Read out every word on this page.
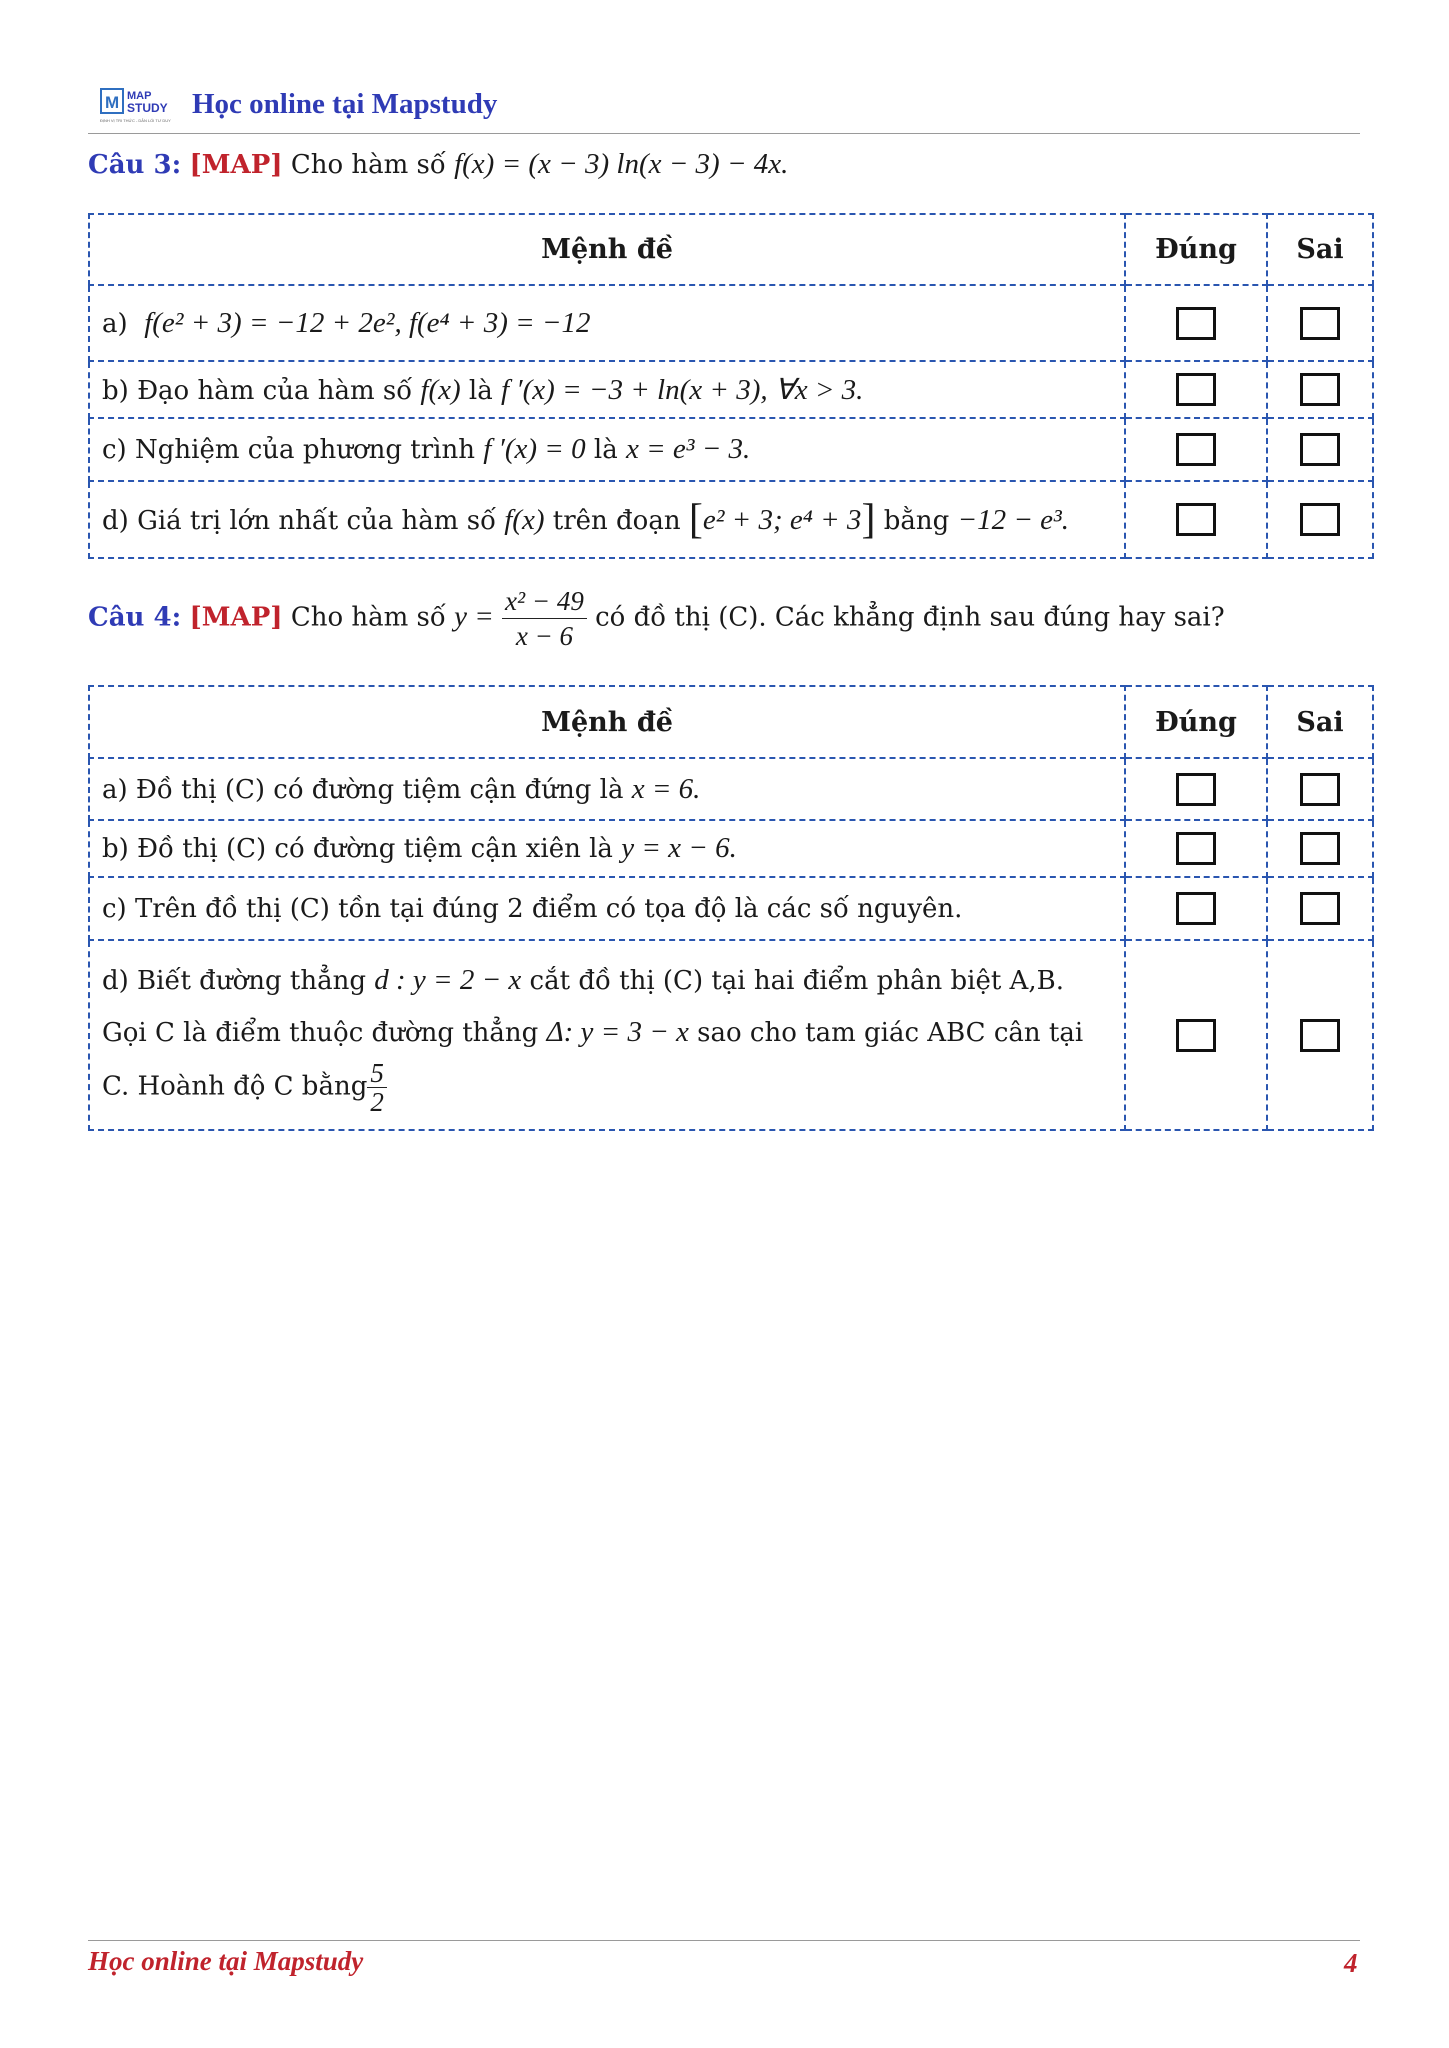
M MAP
STUDY
ĐỊNH VỊ TRI THỨC - DẪN LỐI TƯ DUY
Học online tại Mapstudy
Câu 3: [MAP] Cho hàm số f(x) = (x − 3) ln(x − 3) − 4x.
Mệnh đề	Đúng	Sai
a) f(e² + 3) = −12 + 2e², f(e⁴ + 3) = −12		
b) Đạo hàm của hàm số f(x) là f ′(x) = −3 + ln(x + 3), ∀x > 3.		
c) Nghiệm của phương trình f ′(x) = 0 là x = e³ − 3.		
d) Giá trị lớn nhất của hàm số f(x) trên đoạn [e² + 3; e⁴ + 3] bằng −12 − e³.		
Câu 4: [MAP] Cho hàm số $y = \frac{\text{x² − 49}}{x - 6}$ có đồ thị (C). Các khẳng định sau đúng hay sai?
Mệnh đề	Đúng	Sai
a) Đồ thị (C) có đường tiệm cận đứng là x = 6.		
b) Đồ thị (C) có đường tiệm cận xiên là y = x − 6.		
c) Trên đồ thị (C) tồn tại đúng 2 điểm có tọa độ là các số nguyên.		
d) Biết đường thẳng d : y = 2 − x cắt đồ thị (C) tại hai điểm phân biệt A,B. Gọi C là điểm thuộc đường thẳng Δ: y = 3 − x sao cho tam giác ABC cân tại C. Hoành độ C bằng $\frac{5}{2}$

Học online tại Mapstudy	4
